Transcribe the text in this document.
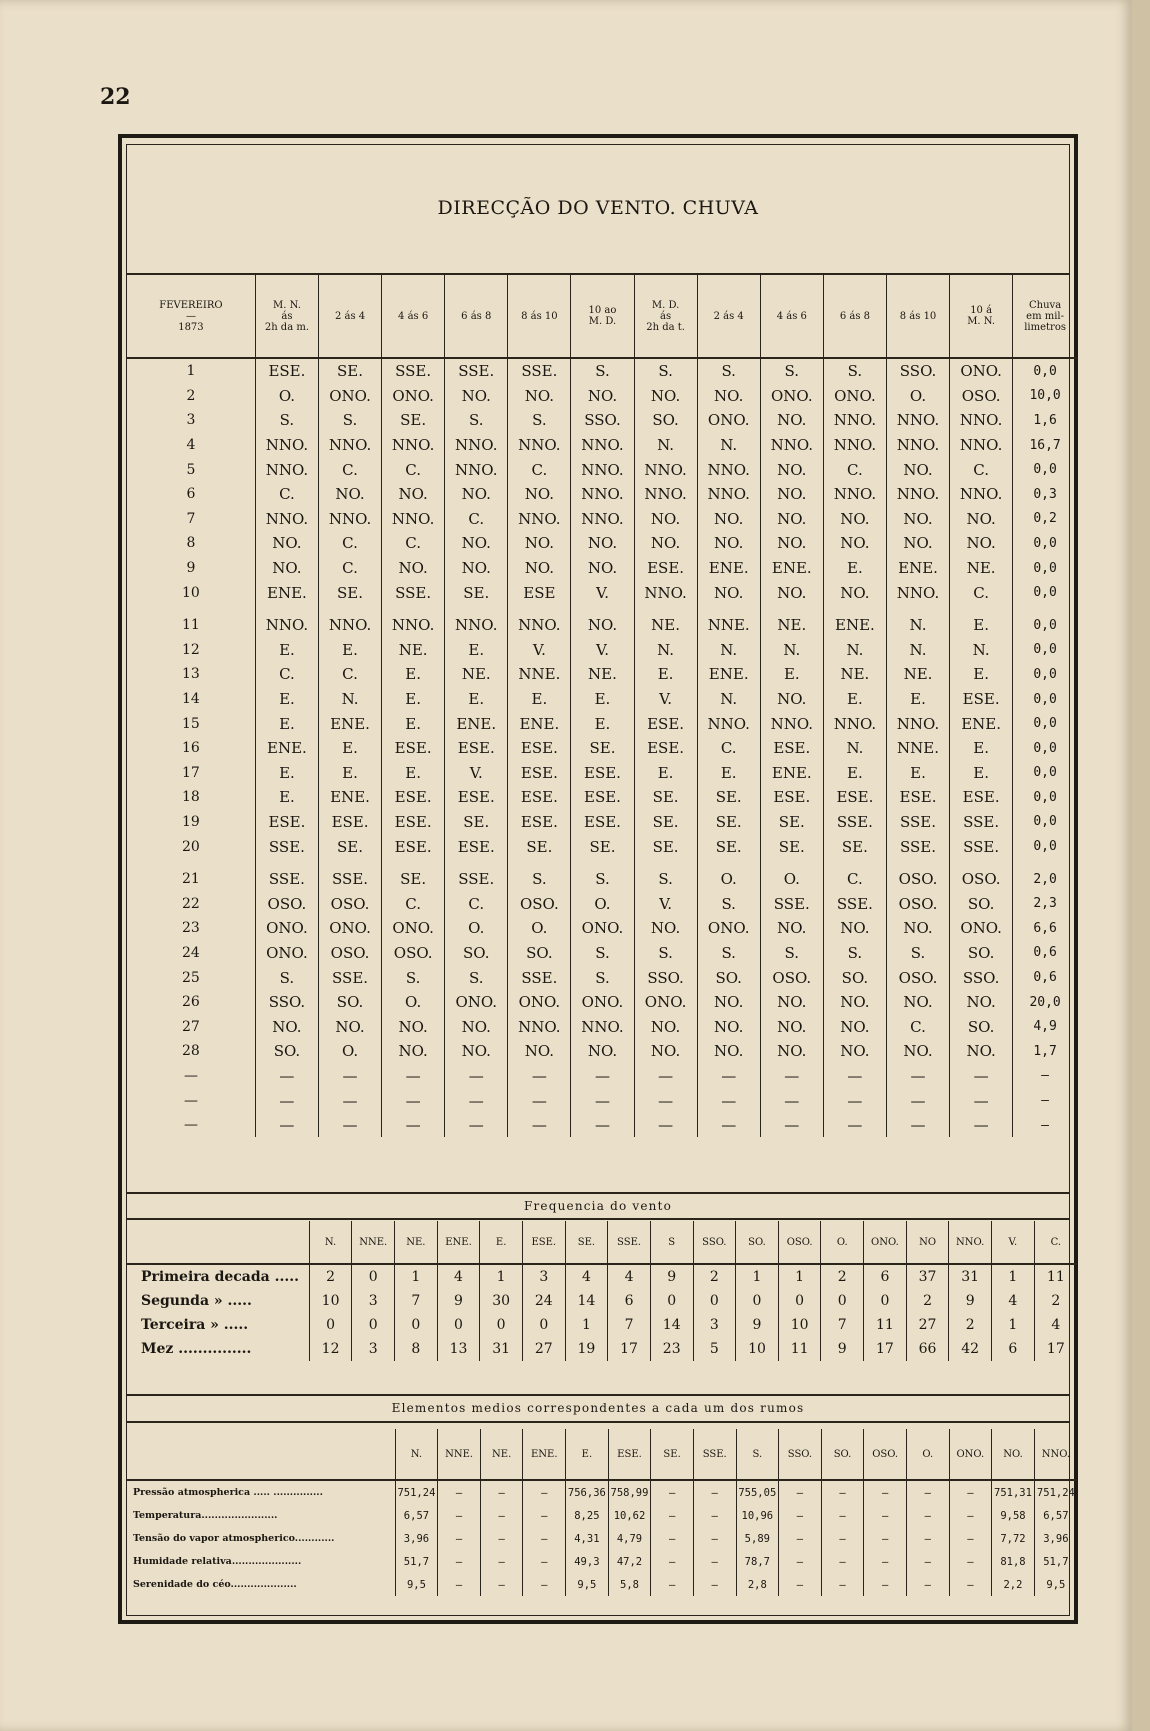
22
DIRECÇÃO DO VENTO. CHUVA
FEVEREIRO
—
1873	M. N.
ás
2h da m.	2 ás 4	4 ás 6	6 ás 8	8 ás 10	10 ao
M. D.	M. D.
ás
2h da t.	2 ás 4	4 ás 6	6 ás 8	8 ás 10	10 á
M. N.	Chuva
em mil-
limetros
1	ESE.	SE.	SSE.	SSE.	SSE.	S.	S.	S.	S.	S.	SSO.	ONO.	0,0
2	O.	ONO.	ONO.	NO.	NO.	NO.	NO.	NO.	ONO.	ONO.	O.	OSO.	10,0
3	S.	S.	SE.	S.	S.	SSO.	SO.	ONO.	NO.	NNO.	NNO.	NNO.	1,6
4	NNO.	NNO.	NNO.	NNO.	NNO.	NNO.	N.	N.	NNO.	NNO.	NNO.	NNO.	16,7
5	NNO.	C.	C.	NNO.	C.	NNO.	NNO.	NNO.	NO.	C.	NO.	C.	0,0
6	C.	NO.	NO.	NO.	NO.	NNO.	NNO.	NNO.	NO.	NNO.	NNO.	NNO.	0,3
7	NNO.	NNO.	NNO.	C.	NNO.	NNO.	NO.	NO.	NO.	NO.	NO.	NO.	0,2
8	NO.	C.	C.	NO.	NO.	NO.	NO.	NO.	NO.	NO.	NO.	NO.	0,0
9	NO.	C.	NO.	NO.	NO.	NO.	ESE.	ENE.	ENE.	E.	ENE.	NE.	0,0
10	ENE.	SE.	SSE.	SE.	ESE	V.	NNO.	NO.	NO.	NO.	NNO.	C.	0,0
11	NNO.	NNO.	NNO.	NNO.	NNO.	NO.	NE.	NNE.	NE.	ENE.	N.	E.	0,0
12	E.	E.	NE.	E.	V.	V.	N.	N.	N.	N.	N.	N.	0,0
13	C.	C.	E.	NE.	NNE.	NE.	E.	ENE.	E.	NE.	NE.	E.	0,0
14	E.	N.	E.	E.	E.	E.	V.	N.	NO.	E.	E.	ESE.	0,0
15	E.	ENE.	E.	ENE.	ENE.	E.	ESE.	NNO.	NNO.	NNO.	NNO.	ENE.	0,0
16	ENE.	E.	ESE.	ESE.	ESE.	SE.	ESE.	C.	ESE.	N.	NNE.	E.	0,0
17	E.	E.	E.	V.	ESE.	ESE.	E.	E.	ENE.	E.	E.	E.	0,0
18	E.	ENE.	ESE.	ESE.	ESE.	ESE.	SE.	SE.	ESE.	ESE.	ESE.	ESE.	0,0
19	ESE.	ESE.	ESE.	SE.	ESE.	ESE.	SE.	SE.	SE.	SSE.	SSE.	SSE.	0,0
20	SSE.	SE.	ESE.	ESE.	SE.	SE.	SE.	SE.	SE.	SE.	SSE.	SSE.	0,0
21	SSE.	SSE.	SE.	SSE.	S.	S.	S.	O.	O.	C.	OSO.	OSO.	2,0
22	OSO.	OSO.	C.	C.	OSO.	O.	V.	S.	SSE.	SSE.	OSO.	SO.	2,3
23	ONO.	ONO.	ONO.	O.	O.	ONO.	NO.	ONO.	NO.	NO.	NO.	ONO.	6,6
24	ONO.	OSO.	OSO.	SO.	SO.	S.	S.	S.	S.	S.	S.	SO.	0,6
25	S.	SSE.	S.	S.	SSE.	S.	SSO.	SO.	OSO.	SO.	OSO.	SSO.	0,6
26	SSO.	SO.	O.	ONO.	ONO.	ONO.	ONO.	NO.	NO.	NO.	NO.	NO.	20,0
27	NO.	NO.	NO.	NO.	NNO.	NNO.	NO.	NO.	NO.	NO.	C.	SO.	4,9
28	SO.	O.	NO.	NO.	NO.	NO.	NO.	NO.	NO.	NO.	NO.	NO.	1,7
—	—	—	—	—	—	—	—	—	—	—	—	—	—
—	—	—	—	—	—	—	—	—	—	—	—	—	—
—	—	—	—	—	—	—	—	—	—	—	—	—	—
Frequencia do vento
	N.	NNE.	NE.	ENE.	E.	ESE.	SE.	SSE.	S	SSO.	SO.	OSO.	O.	ONO.	NO	NNO.	V.	C.
Primeira decada .....	2	0	1	4	1	3	4	4	9	2	1	1	2	6	37	31	1	11
Segunda » .....	10	3	7	9	30	24	14	6	0	0	0	0	0	0	2	9	4	2
Terceira » .....	0	0	0	0	0	0	1	7	14	3	9	10	7	11	27	2	1	4
Mez ...............	12	3	8	13	31	27	19	17	23	5	10	11	9	17	66	42	6	17
Elementos medios correspondentes a cada um dos rumos
	N.	NNE.	NE.	ENE.	E.	ESE.	SE.	SSE.	S.	SSO.	SO.	OSO.	O.	ONO.	NO.	NNO.
Pressão atmospherica ..... ...............	751,24	—	—	—	756,36	758,99	—	—	755,05	—	—	—	—	—	751,31	751,24
Temperatura.......................	6,57	—	—	—	8,25	10,62	—	—	10,96	—	—	—	—	—	9,58	6,57
Tensão do vapor atmospherico............	3,96	—	—	—	4,31	4,79	—	—	5,89	—	—	—	—	—	7,72	3,96
Humidade relativa.....................	51,7	—	—	—	49,3	47,2	—	—	78,7	—	—	—	—	—	81,8	51,7
Serenidade do céo....................	9,5	—	—	—	9,5	5,8	—	—	2,8	—	—	—	—	—	2,2	9,5
